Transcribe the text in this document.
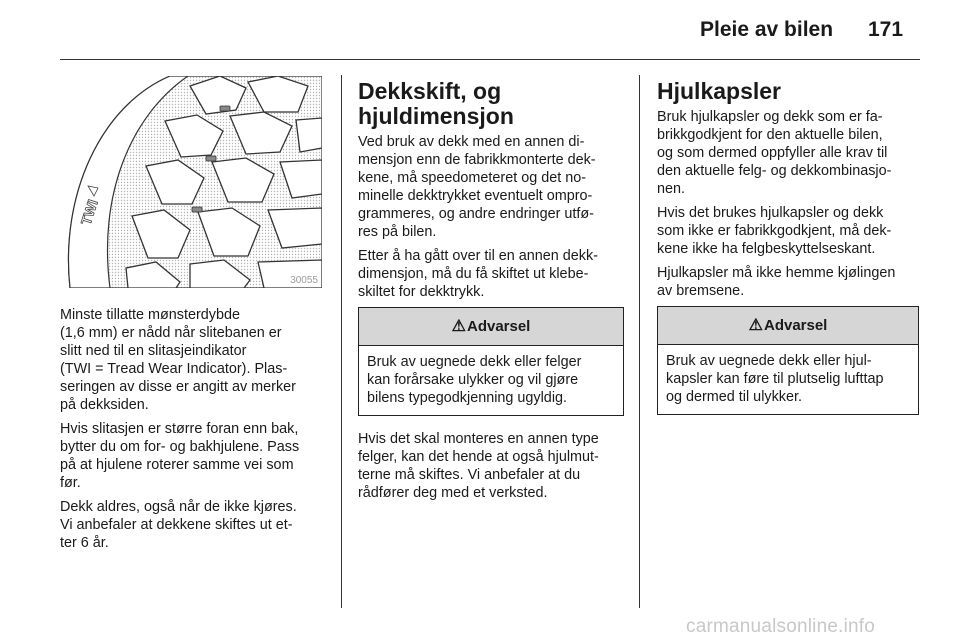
Pleie av bilen 171
TWI
30055

Minste tillatte mønsterdybde
(1,6 mm) er nådd når slitebanen er
slitt ned til en slitasjeindikator
(TWI = Tread Wear Indicator). Plas-
seringen av disse er angitt av merker
på dekksiden.

Hvis slitasjen er større foran enn bak,
bytter du om for- og bakhjulene. Pass
på at hjulene roterer samme vei som
før.

Dekk aldres, også når de ikke kjøres.
Vi anbefaler at dekkene skiftes ut et-
ter 6 år.

Dekkskift, og
hjuldimensjon

Ved bruk av dekk med en annen di-
mensjon enn de fabrikkmonterte dek-
kene, må speedometeret og det no-
minelle dekktrykket eventuelt ompro-
grammeres, og andre endringer utfø-
res på bilen.

Etter å ha gått over til en annen dekk-
dimensjon, må du få skiftet ut klebe-
skiltet for dekktrykk.

⚠ Advarsel
Bruk av uegnede dekk eller felger
kan forårsake ulykker og vil gjøre
bilens typegodkjenning ugyldig.

Hvis det skal monteres en annen type
felger, kan det hende at også hjulmut-
terne må skiftes. Vi anbefaler at du
rådfører deg med et verksted.

Hjulkapsler

Bruk hjulkapsler og dekk som er fa-
brikkgodkjent for den aktuelle bilen,
og som dermed oppfyller alle krav til
den aktuelle felg- og dekkombinasjo-
nen.

Hvis det brukes hjulkapsler og dekk
som ikke er fabrikkgodkjent, må dek-
kene ikke ha felgbeskyttelseskant.

Hjulkapsler må ikke hemme kjølingen
av bremsene.

⚠ Advarsel
Bruk av uegnede dekk eller hjul-
kapsler kan føre til plutselig lufttap
og dermed til ulykker.
carmanualsonline.info
